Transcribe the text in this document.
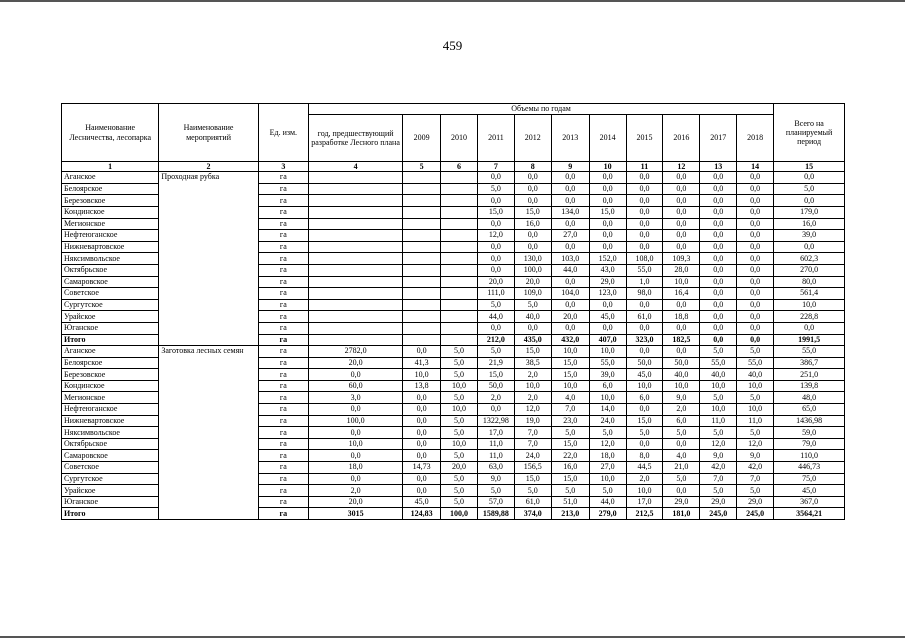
459
Наименование Лесничества, лесопарка	Наименование мероприятий	Ед. изм.	Объемы по годам											Всего на планируемый период
			год, предшествующий разработке Лесного плана	2009	2010	2011	2012	2013	2014	2015	2016	2017	2018	
1	2	3	4	5	6	7	8	9	10	11	12	13	14	15
Аганское	Проходная рубка	га				0,0	0,0	0,0	0,0	0,0	0,0	0,0	0,0	0,0
Белоярское		га				5,0	0,0	0,0	0,0	0,0	0,0	0,0	0,0	5,0
Березовское		га				0,0	0,0	0,0	0,0	0,0	0,0	0,0	0,0	0,0
Кондинское		га				15,0	15,0	134,0	15,0	0,0	0,0	0,0	0,0	179,0
Мегионское		га				0,0	16,0	0,0	0,0	0,0	0,0	0,0	0,0	16,0
Нефтеюганское		га				12,0	0,0	27,0	0,0	0,0	0,0	0,0	0,0	39,0
Нижневартовское		га				0,0	0,0	0,0	0,0	0,0	0,0	0,0	0,0	0,0
Няксимвольское		га				0,0	130,0	103,0	152,0	108,0	109,3	0,0	0,0	602,3
Октябрьское		га				0,0	100,0	44,0	43,0	55,0	28,0	0,0	0,0	270,0
Самаровское		га				20,0	20,0	0,0	29,0	1,0	10,0	0,0	0,0	80,0
Советское		га				111,0	109,0	104,0	123,0	98,0	16,4	0,0	0,0	561,4
Сургутское		га				5,0	5,0	0,0	0,0	0,0	0,0	0,0	0,0	10,0
Урайское		га				44,0	40,0	20,0	45,0	61,0	18,8	0,0	0,0	228,8
Юганское		га				0,0	0,0	0,0	0,0	0,0	0,0	0,0	0,0	0,0
Итого		га				212,0	435,0	432,0	407,0	323,0	182,5	0,0	0,0	1991,5
Аганское	Заготовка лесных семян	га	2782,0	0,0	5,0	5,0	15,0	10,0	10,0	0,0	0,0	5,0	5,0	55,0
Белоярское		га	20,0	41,3	5,0	21,9	38,5	15,0	55,0	50,0	50,0	55,0	55,0	386,7
Березовское		га	0,0	10,0	5,0	15,0	2,0	15,0	39,0	45,0	40,0	40,0	40,0	251,0
Кондинское		га	60,0	13,8	10,0	50,0	10,0	10,0	6,0	10,0	10,0	10,0	10,0	139,8
Мегионское		га	3,0	0,0	5,0	2,0	2,0	4,0	10,0	6,0	9,0	5,0	5,0	48,0
Нефтеюганское		га	0,0	0,0	10,0	0,0	12,0	7,0	14,0	0,0	2,0	10,0	10,0	65,0
Нижневартовское		га	100,0	0,0	5,0	1322,98	19,0	23,0	24,0	15,0	6,0	11,0	11,0	1436,98
Няксимвольское		га	0,0	0,0	5,0	17,0	7,0	5,0	5,0	5,0	5,0	5,0	5,0	59,0
Октябрьское		га	10,0	0,0	10,0	11,0	7,0	15,0	12,0	0,0	0,0	12,0	12,0	79,0
Самаровское		га	0,0	0,0	5,0	11,0	24,0	22,0	18,0	8,0	4,0	9,0	9,0	110,0
Советское		га	18,0	14,73	20,0	63,0	156,5	16,0	27,0	44,5	21,0	42,0	42,0	446,73
Сургутское		га	0,0	0,0	5,0	9,0	15,0	15,0	10,0	2,0	5,0	7,0	7,0	75,0
Урайское		га	2,0	0,0	5,0	5,0	5,0	5,0	5,0	10,0	0,0	5,0	5,0	45,0
Юганское		га	20,0	45,0	5,0	57,0	61,0	51,0	44,0	17,0	29,0	29,0	29,0	367,0
Итого		га	3015	124,83	100,0	1589,88	374,0	213,0	279,0	212,5	181,0	245,0	245,0	3564,21
